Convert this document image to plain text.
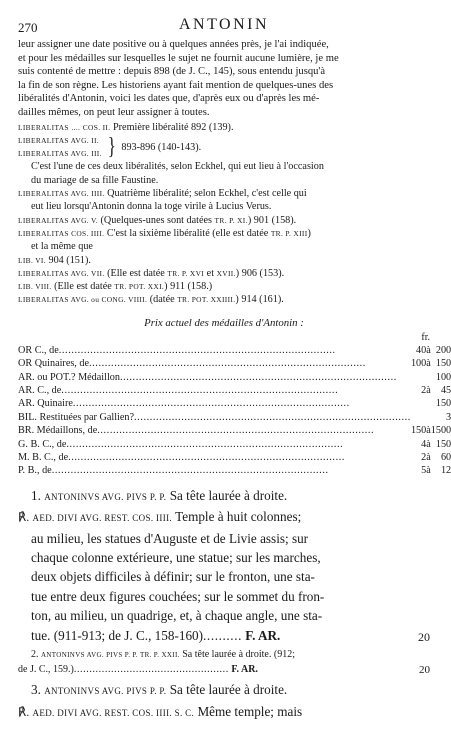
270	ANTONIN

leur assigner une date positive ou à quelques années près, je l'ai indiquée,

et pour les médailles sur lesquelles le sujet ne fournit aucune lumière, je me

suis contenté de mettre : depuis 898 (de J. C., 145), sous entendu jusqu'à

la fin de son règne. Les historiens ayant fait mention de quelques-unes des

libéralités d'Antonin, voici les dates que, d'après eux ou d'après les mé-

dailles mêmes, on peut leur assigner à toutes.

LIBERALITAS .... COS. II. Première libéralité 892 (139).

LIBERALITAS AVG. II.
LIBERALITAS AVG. III. } 893-896 (140-143).

C'est l'une de ces deux libéralités, selon Eckhel, qui eut lieu à l'occasion

du mariage de sa fille Faustine.

LIBERALITAS AVG. IIII. Quatrième libéralité; selon Eckhel, c'est celle qui

eut lieu lorsqu'Antonin donna la toge virile à Lucius Verus.

LIBERALITAS AVG. V. (Quelques-unes sont datées TR. P. XI.) 901 (158).

LIBERALITAS COS. IIII. C'est la sixième libéralité (elle est datée TR. P. XIII)

et la même que

LIB. VI. 904 (151).

LIBERALITAS AVG. VII. (Elle est datée TR. P. XVI et XVII.) 906 (153).

LIB. VIII. (Elle est datée TR. POT. XXI.) 911 (158.)

LIBERALITAS AVG. ou CONG. VIIII. (datée TR. POT. XXIIII.) 914 (161).

Prix actuel des médailles d'Antonin :
fr.
OR C., de........................................................................................	40	à	200
OR Quinaires, de........................................................................................	100	à	150
AR. ou POT.? Médaillon........................................................................................			100
AR. C., de........................................................................................	2	à	45
AR. Quinaire........................................................................................			150
BIL. Restituées par Gallien?........................................................................................			3
BR. Médaillons, de........................................................................................	150	à	1500
G. B. C., de........................................................................................	4	à	150
M. B. C., de........................................................................................	2	à	60
P. B., de........................................................................................	5	à	12

1. ANTONINVS AVG. PIVS P. P. Sa tête laurée à droite.

℟. AED. DIVI AVG. REST. COS. IIII. Temple à huit colonnes;

au milieu, les statues d'Auguste et de Livie assis; sur

chaque colonne extérieure, une statue; sur les marches,

deux objets difficiles à définir; sur le fronton, une sta-

tue entre deux figures couchées; sur le sommet du fron-

ton, au milieu, un quadrige, et, à chaque angle, une sta-

tue. (911-913; de J. C., 158-160).......... F. AR.	20

2. ANTONINVS AVG. PIVS P. P. TR. P. XXII. Sa tête laurée à droite. (912;

de J. C., 159.).................................................. F. AR.	20

3. ANTONINVS AVG. PIVS P. P. Sa tête laurée à droite.

℟. AED. DIVI AVG. REST. COS. IIII. S. C. Même temple; mais
